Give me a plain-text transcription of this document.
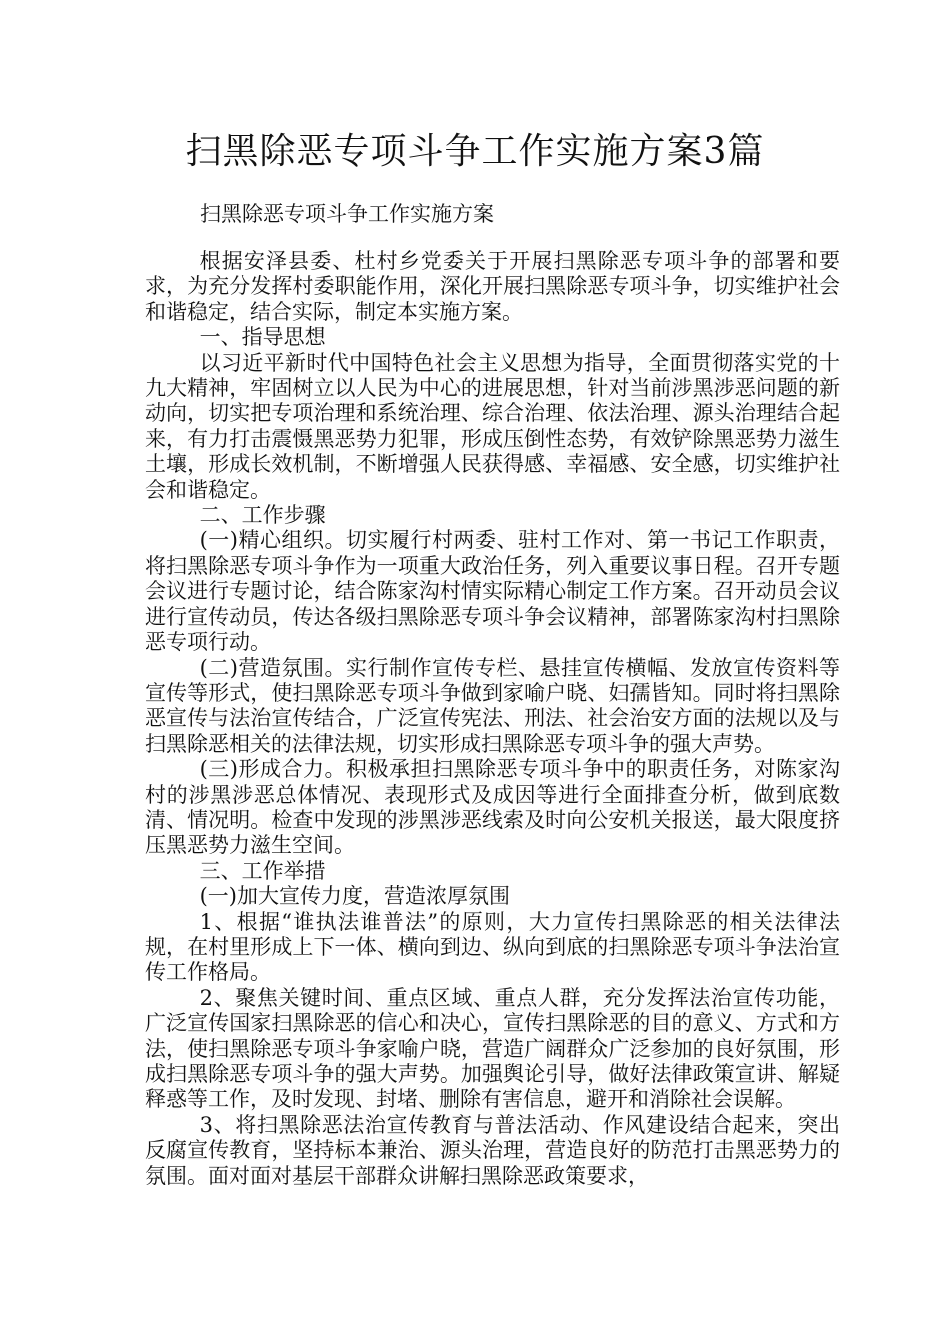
扫黑除恶专项斗争工作实施方案3篇

扫黑除恶专项斗争工作实施方案

根据安泽县委、杜村乡党委关于开展扫黑除恶专项斗争的部署和要求，为充分发挥村委职能作用，深化开展扫黑除恶专项斗争，切实维护社会和谐稳定，结合实际，制定本实施方案。

一、指导思想

以习近平新时代中国特色社会主义思想为指导，全面贯彻落实党的十九大精神，牢固树立以人民为中心的进展思想，针对当前涉黑涉恶问题的新动向，切实把专项治理和系统治理、综合治理、依法治理、源头治理结合起来，有力打击震慑黑恶势力犯罪，形成压倒性态势，有效铲除黑恶势力滋生土壤，形成长效机制，不断增强人民获得感、幸福感、安全感，切实维护社会和谐稳定。

二、工作步骤

(一)精心组织。切实履行村两委、驻村工作对、第一书记工作职责，将扫黑除恶专项斗争作为一项重大政治任务，列入重要议事日程。召开专题会议进行专题讨论，结合陈家沟村情实际精心制定工作方案。召开动员会议进行宣传动员，传达各级扫黑除恶专项斗争会议精神，部署陈家沟村扫黑除恶专项行动。

(二)营造氛围。实行制作宣传专栏、悬挂宣传横幅、发放宣传资料等宣传等形式，使扫黑除恶专项斗争做到家喻户晓、妇孺皆知。同时将扫黑除恶宣传与法治宣传结合，广泛宣传宪法、刑法、社会治安方面的法规以及与扫黑除恶相关的法律法规，切实形成扫黑除恶专项斗争的强大声势。

(三)形成合力。积极承担扫黑除恶专项斗争中的职责任务，对陈家沟村的涉黑涉恶总体情况、表现形式及成因等进行全面排查分析，做到底数清、情况明。检查中发现的涉黑涉恶线索及时向公安机关报送，最大限度挤压黑恶势力滋生空间。

三、工作举措

(一)加大宣传力度，营造浓厚氛围

1、根据“谁执法谁普法”的原则，大力宣传扫黑除恶的相关法律法规，在村里形成上下一体、横向到边、纵向到底的扫黑除恶专项斗争法治宣传工作格局。

2、聚焦关键时间、重点区域、重点人群，充分发挥法治宣传功能，广泛宣传国家扫黑除恶的信心和决心，宣传扫黑除恶的目的意义、方式和方法，使扫黑除恶专项斗争家喻户晓，营造广阔群众广泛参加的良好氛围，形成扫黑除恶专项斗争的强大声势。加强舆论引导，做好法律政策宣讲、解疑释惑等工作，及时发现、封堵、删除有害信息，避开和消除社会误解。

3、将扫黑除恶法治宣传教育与普法活动、作风建设结合起来，突出反腐宣传教育，坚持标本兼治、源头治理，营造良好的防范打击黑恶势力的氛围。面对面对基层干部群众讲解扫黑除恶政策要求，
